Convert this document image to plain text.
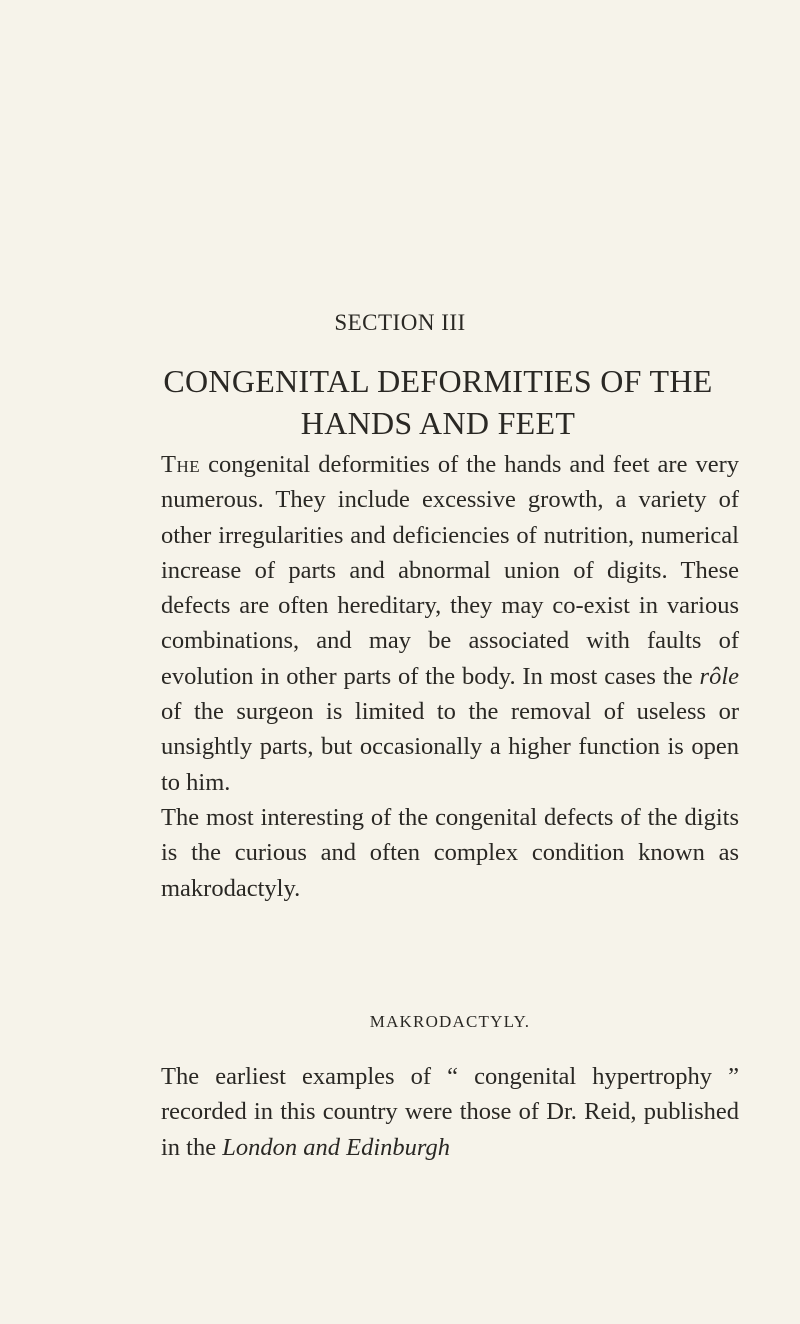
SECTION III
CONGENITAL DEFORMITIES OF THE
HANDS AND FEET

The congenital deformities of the hands and feet are very numerous. They include excessive growth, a variety of other irregularities and deficiencies of nutrition, numerical increase of parts and abnormal union of digits. These defects are often hereditary, they may co-exist in various combinations, and may be associated with faults of evolution in other parts of the body. In most cases the rôle of the surgeon is limited to the removal of useless or unsightly parts, but occasionally a higher function is open to him.

The most interesting of the congenital defects of the digits is the curious and often complex condition known as makrodactyly.

MAKRODACTYLY.

The earliest examples of “ congenital hypertrophy ” recorded in this country were those of Dr. Reid, published in the London and Edinburgh
